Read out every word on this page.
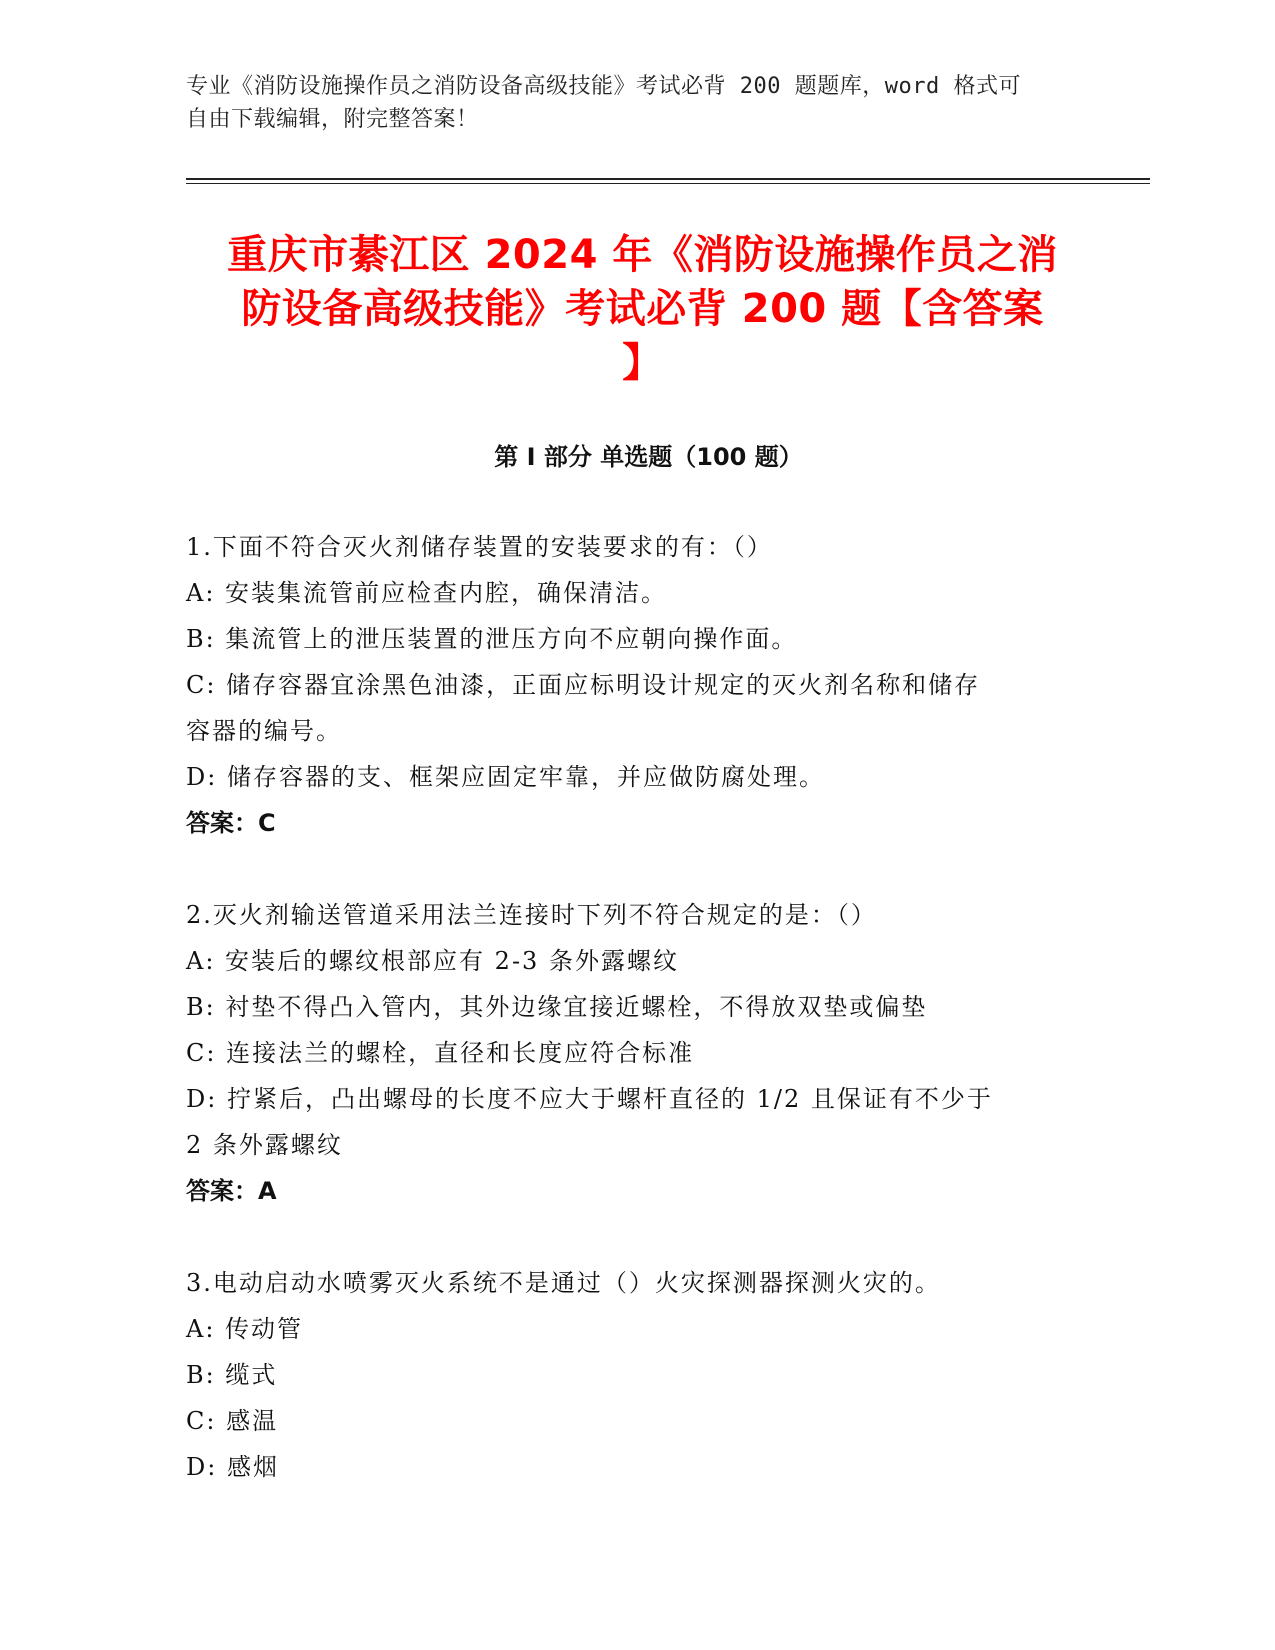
专业《消防设施操作员之消防设备高级技能》考试必背 200 题题库，word 格式可
自由下载编辑，附完整答案！
重庆市綦江区 2024 年《消防设施操作员之消
防设备高级技能》考试必背 200 题【含答案
】
第 I 部分 单选题（100 题）
1.下面不符合灭火剂储存装置的安装要求的有：（）
A: 安装集流管前应检查内腔，确保清洁。
B: 集流管上的泄压装置的泄压方向不应朝向操作面。
C: 储存容器宜涂黑色油漆，正面应标明设计规定的灭火剂名称和储存
容器的编号。
D: 储存容器的支、框架应固定牢靠，并应做防腐处理。
答案：C
2.灭火剂输送管道采用法兰连接时下列不符合规定的是：（）
A: 安装后的螺纹根部应有 2-3 条外露螺纹
B: 衬垫不得凸入管内，其外边缘宜接近螺栓，不得放双垫或偏垫
C: 连接法兰的螺栓，直径和长度应符合标准
D: 拧紧后，凸出螺母的长度不应大于螺杆直径的 1/2 且保证有不少于
2 条外露螺纹
答案：A
3.电动启动水喷雾灭火系统不是通过（）火灾探测器探测火灾的。
A: 传动管
B: 缆式
C: 感温
D: 感烟
